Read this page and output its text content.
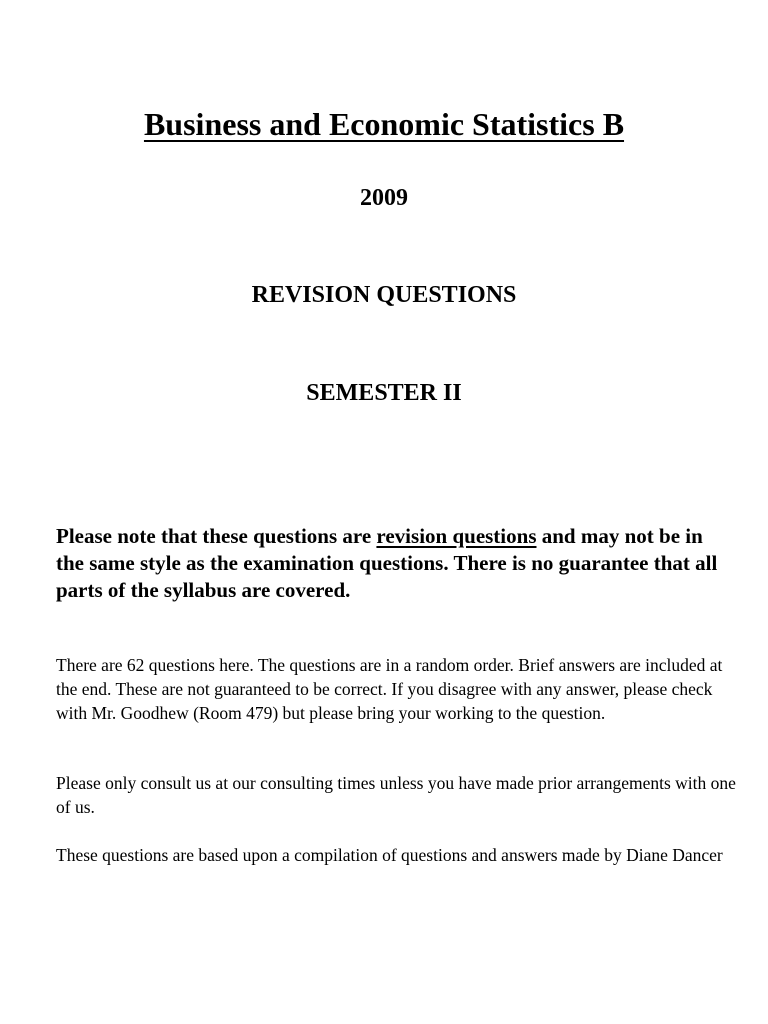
Business and Economic Statistics B
2009
REVISION QUESTIONS
SEMESTER II

Please note that these questions are revision questions and may not be in the same style as the examination questions. There is no guarantee that all parts of the syllabus are covered.

There are 62 questions here. The questions are in a random order. Brief answers are included at the end. These are not guaranteed to be correct. If you disagree with any answer, please check with Mr. Goodhew (Room 479) but please bring your working to the question.

Please only consult us at our consulting times unless you have made prior arrangements with one of us.

These questions are based upon a compilation of questions and answers made by Diane Dancer
